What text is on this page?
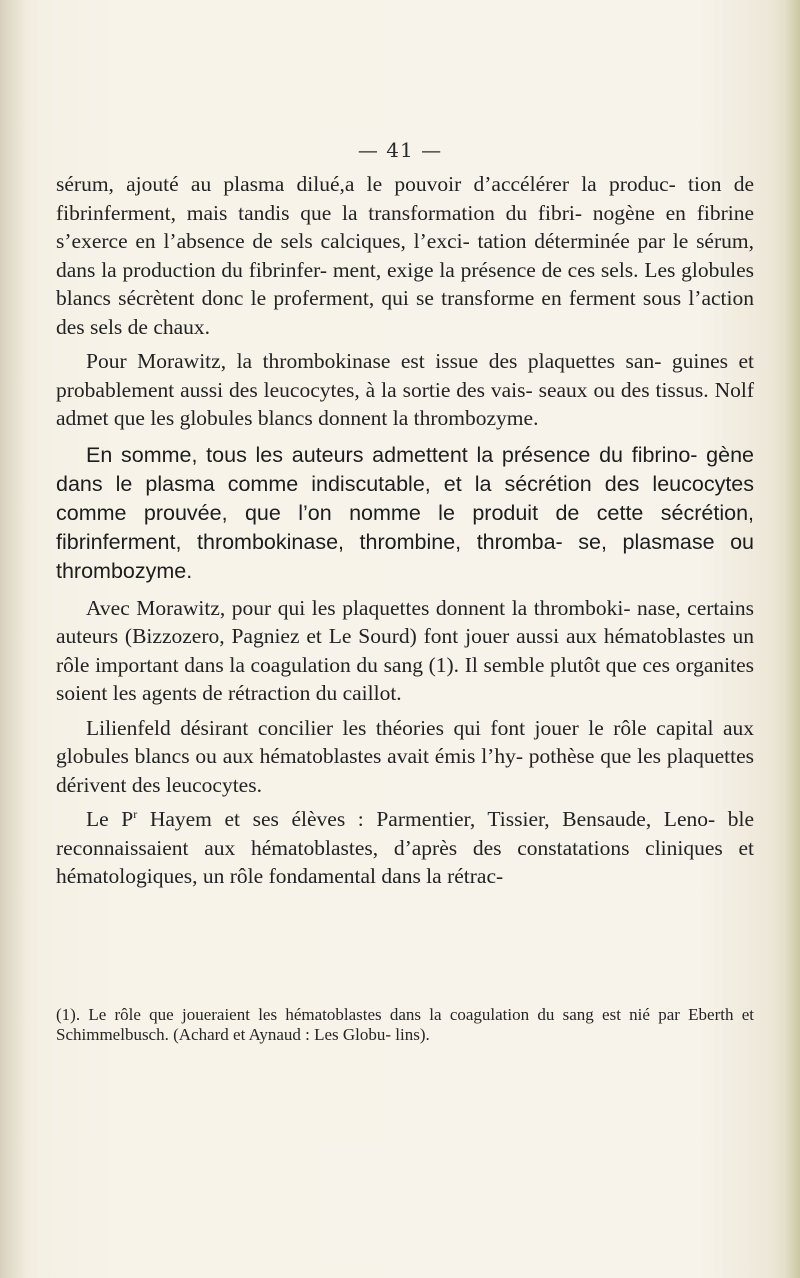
— 41 —

sérum, ajouté au plasma dilué,a le pouvoir d’accélérer la produc- tion de fibrinferment, mais tandis que la transformation du fibri- nogène en fibrine s’exerce en l’absence de sels calciques, l’exci- tation déterminée par le sérum, dans la production du fibrinfer- ment, exige la présence de ces sels. Les globules blancs sécrètent donc le proferment, qui se transforme en ferment sous l’action des sels de chaux.

Pour Morawitz, la thrombokinase est issue des plaquettes san- guines et probablement aussi des leucocytes, à la sortie des vais- seaux ou des tissus. Nolf admet que les globules blancs donnent la thrombozyme.

En somme, tous les auteurs admettent la présence du fibrino- gène dans le plasma comme indiscutable, et la sécrétion des leucocytes comme prouvée, que l’on nomme le produit de cette sécrétion, fibrinferment, thrombokinase, thrombine, thromba- se, plasmase ou thrombozyme.

Avec Morawitz, pour qui les plaquettes donnent la thromboki- nase, certains auteurs (Bizzozero, Pagniez et Le Sourd) font jouer aussi aux hématoblastes un rôle important dans la coagulation du sang (1). Il semble plutôt que ces organites soient les agents de rétraction du caillot.

Lilienfeld désirant concilier les théories qui font jouer le rôle capital aux globules blancs ou aux hématoblastes avait émis l’hy- pothèse que les plaquettes dérivent des leucocytes.

Le $P^r$ Hayem et ses élèves : Parmentier, Tissier, Bensaude, Leno- ble reconnaissaient aux hématoblastes, d’après des constatations cliniques et hématologiques, un rôle fondamental dans la rétrac-

(1). Le rôle que joueraient les hématoblastes dans la coagulation du sang est nié par Eberth et Schimmelbusch. (Achard et Aynaud : Les Globu- lins).
